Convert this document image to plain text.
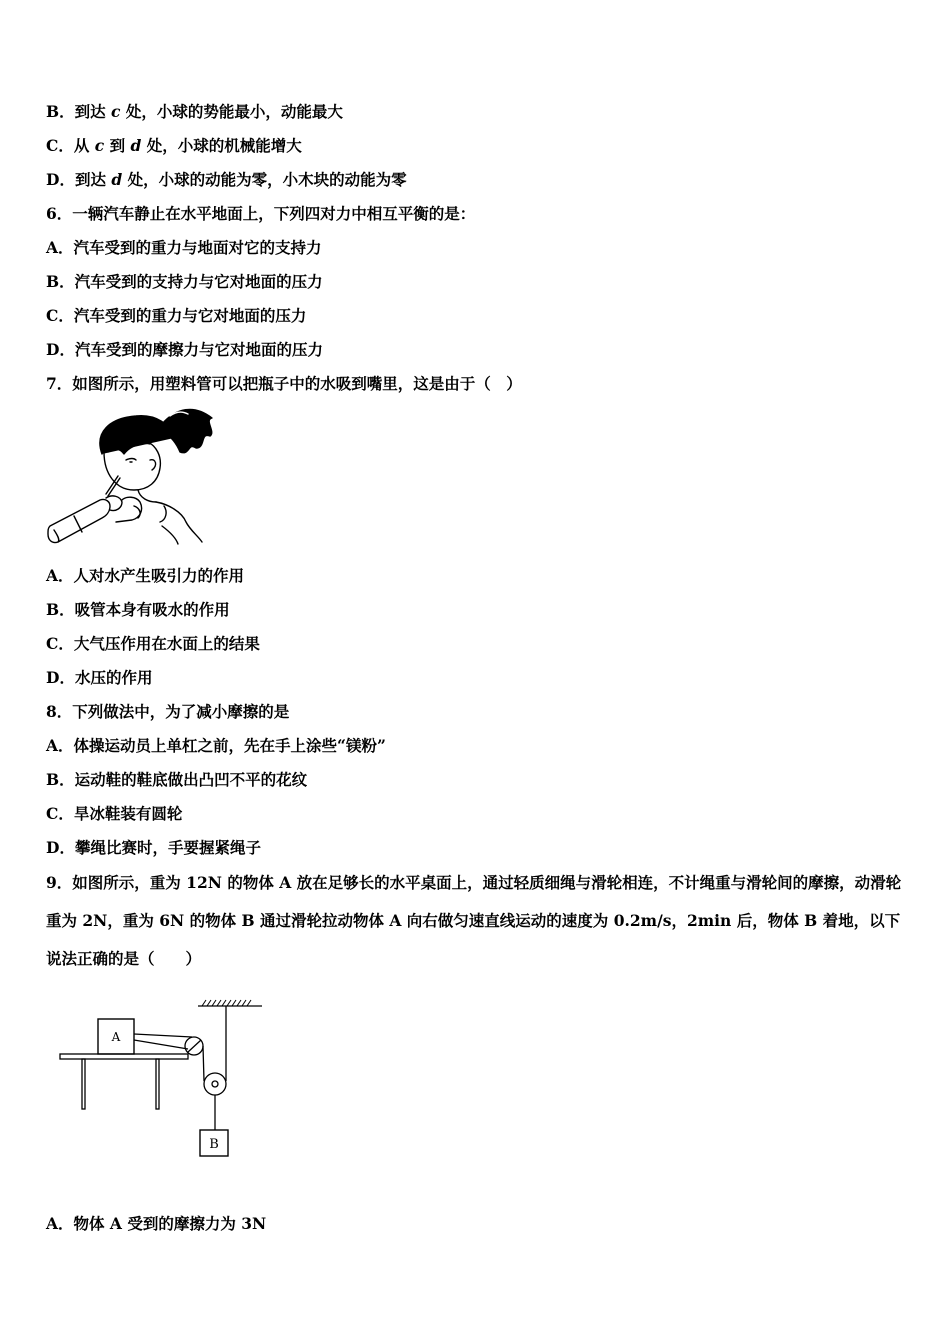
B．到达 c 处，小球的势能最小，动能最大
C．从 c 到 d 处，小球的机械能增大
D．到达 d 处，小球的动能为零，小木块的动能为零
6．一辆汽车静止在水平地面上，下列四对力中相互平衡的是：
A．汽车受到的重力与地面对它的支持力
B．汽车受到的支持力与它对地面的压力
C．汽车受到的重力与它对地面的压力
D．汽车受到的摩擦力与它对地面的压力
7．如图所示，用塑料管可以把瓶子中的水吸到嘴里，这是由于（　）
A．人对水产生吸引力的作用
B．吸管本身有吸水的作用
C．大气压作用在水面上的结果
D．水压的作用
8．下列做法中，为了减小摩擦的是
A．体操运动员上单杠之前，先在手上涂些“镁粉”
B．运动鞋的鞋底做出凸凹不平的花纹
C．旱冰鞋装有圆轮
D．攀绳比赛时，手要握紧绳子
9．如图所示，重为 12N 的物体 A 放在足够长的水平桌面上，通过轻质细绳与滑轮相连，不计绳重与滑轮间的摩擦，动滑轮重为 2N，重为 6N 的物体 B 通过滑轮拉动物体 A 向右做匀速直线运动的速度为 0.2m/s，2min 后，物体 B 着地，以下说法正确的是（　　）
A
B
A．物体 A 受到的摩擦力为 3N
